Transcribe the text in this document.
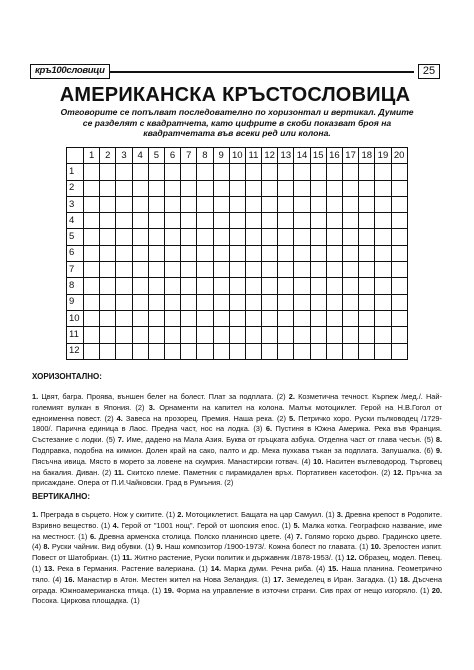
кръ100словици	25
АМЕРИКАНСКА КРЪСТОСЛОВИЦА
Отговорите се попълват последователно по хоризонтал и вертикал. Думите се разделят с квадратчета, като цифрите в скоби показват броя на квадратчетата във всеки ред или колона.
	1	2	3	4	5	6	7	8	9	10	11	12	13	14	15	16	17	18	19	20
1																				
2																				
3																				
4																				
5																				
6																				
7																				
8																				
9																				
10																				
11																				
12																				
ХОРИЗОНТАЛНО:
1. Цвят, багра. Проява, външен белег на болест. Плат за подплата. (2) 2. Козметична течност. Кърпеж /мед./. Най-големият вулкан в Япония. (2) 3. Орнаменти на капител на колона. Малък мотоциклет. Герой на Н.В.Гогол от едноименна повест. (2) 4. Завеса на прозорец. Премия. Наша река. (2) 5. Петричко хоро. Руски пълководец /1729-1800/. Парична единица в Лаос. Предна част, нос на лодка. (3) 6. Пустиня в Южна Америка. Река във Франция. Състезание с лодки. (5) 7. Име, дадено на Мала Азия. Буква от гръцката азбука. Отделна част от глава чесън. (5) 8. Подправка, подобна на кимион. Долен край на сако, палто и др. Мека пухкава тъкан за подплата. Запушалка. (6) 9. Пясъчна ивица. Място в морето за ловене на скумрия. Манастирски готвач. (4) 10. Наситен въглеводород. Търговец на бакалия. Диван. (2) 11. Скитско племе. Паметник с пирамидален връх. Портативен касетофон. (2) 12. Пръчка за присаждане. Опера от П.И.Чайковски. Град в Румъния. (2)
ВЕРТИКАЛНО:
1. Преграда в сърцето. Нож у скитите. (1) 2. Мотоциклетист. Бащата на цар Самуил. (1) 3. Древна крепост в Родопите. Взривно вещество. (1) 4. Герой от "1001 нощ". Герой от шопския епос. (1) 5. Малка котка. Географско название, име на местност. (1) 6. Древна арменска столица. Полско планинско цвете. (4) 7. Голямо горско дърво. Градинско цвете. (4) 8. Руски чайник. Вид обувки. (1) 9. Наш композитор /1900-1973/. Кожна болест по главата. (1) 10. Зрелостен изпит. Повест от Шатобриан. (1) 11. Житно растение, Руски политик и държавник /1878-1953/. (1) 12. Образец, модел. Певец. (1) 13. Река в Германия. Растение валериана. (1) 14. Марка думи. Речна риба. (4) 15. Наша планина. Геометрично тяло. (4) 16. Манастир в Атон. Местен жител на Нова Зеландия. (1) 17. Земеделец в Иран. Загадка. (1) 18. Дъсчена ограда. Южноамериканска птица. (1) 19. Форма на управление в източни страни. Сив прах от нещо изгоряло. (1) 20. Посока. Циркова площадка. (1)
